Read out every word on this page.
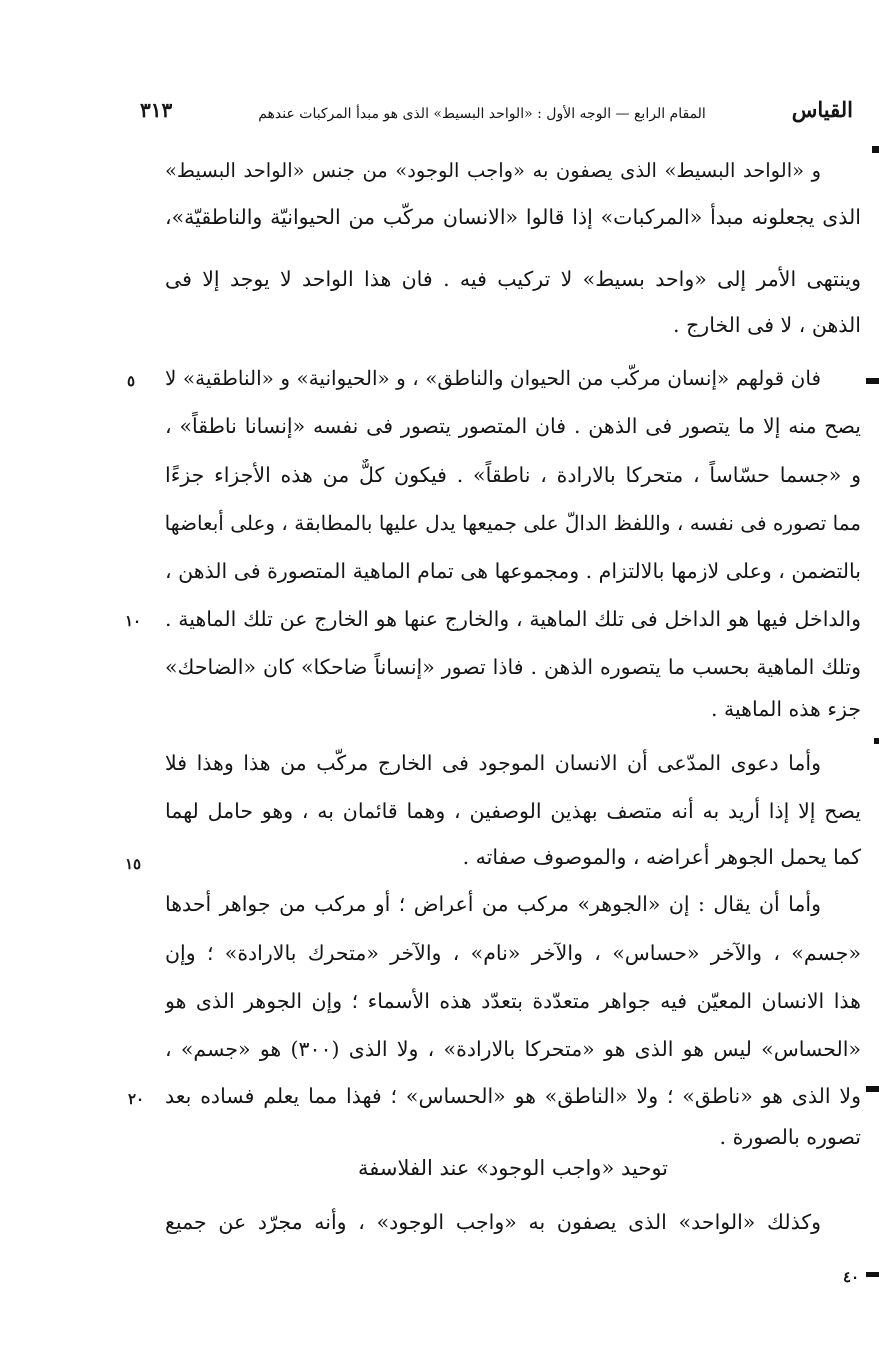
القياس
المقام الرابع — الوجه الأول : «الواحد البسيط» الذى هو مبدأ المركبات عندهم
٣١٣
و «الواحد البسيط» الذى يصفون به «واجب الوجود» من جنس «الواحد البسيط»
الذى يجعلونه مبدأ «المركبات» إذا قالوا «الانسان مركّب من الحيوانيّة والناطقيّة»،
وينتهى الأمر إلى «واحد بسيط» لا تركيب فيه . فان هذا الواحد لا يوجد إلا فى
الذهن ، لا فى الخارج .
فان قولهم «إنسان مركّب من الحيوان والناطق» ، و «الحيوانية» و «الناطقية» لا
يصح منه إلا ما يتصور فى الذهن . فان المتصور يتصور فى نفسه «إنسانا ناطقاً» ،
و «جسما حسّاساً ، متحركا بالارادة ، ناطقاً» . فيكون كلٌّ من هذه الأجزاء جزءًا
مما تصوره فى نفسه ، واللفظ الدالّ على جميعها يدل عليها بالمطابقة ، وعلى أبعاضها
بالتضمن ، وعلى لازمها بالالتزام . ومجموعها هى تمام الماهية المتصورة فى الذهن ،
والداخل فيها هو الداخل فى تلك الماهية ، والخارج عنها هو الخارج عن تلك الماهية .
وتلك الماهية بحسب ما يتصوره الذهن . فاذا تصور «إنساناً ضاحكا» كان «الضاحك»
جزء هذه الماهية .
وأما دعوى المدّعى أن الانسان الموجود فى الخارج مركّب من هذا وهذا فلا
يصح إلا إذا أريد به أنه متصف بهذين الوصفين ، وهما قائمان به ، وهو حامل لهما
كما يحمل الجوهر أعراضه ، والموصوف صفاته .
وأما أن يقال : إن «الجوهر» مركب من أعراض ؛ أو مركب من جواهر أحدها
«جسم» ، والآخر «حساس» ، والآخر «نام» ، والآخر «متحرك بالارادة» ؛ وإن
هذا الانسان المعيّن فيه جواهر متعدّدة بتعدّد هذه الأسماء ؛ وإن الجوهر الذى هو
«الحساس» ليس هو الذى هو «متحركا بالارادة» ، ولا الذى (٣٠٠) هو «جسم» ،
ولا الذى هو «ناطق» ؛ ولا «الناطق» هو «الحساس» ؛ فهذا مما يعلم فساده بعد
تصوره بالصورة .
توحيد «واجب الوجود» عند الفلاسفة
وكذلك «الواحد» الذى يصفون به «واجب الوجود» ، وأنه مجرّد عن جميع
٥
١٠
١٥
٢٠
٤٠
